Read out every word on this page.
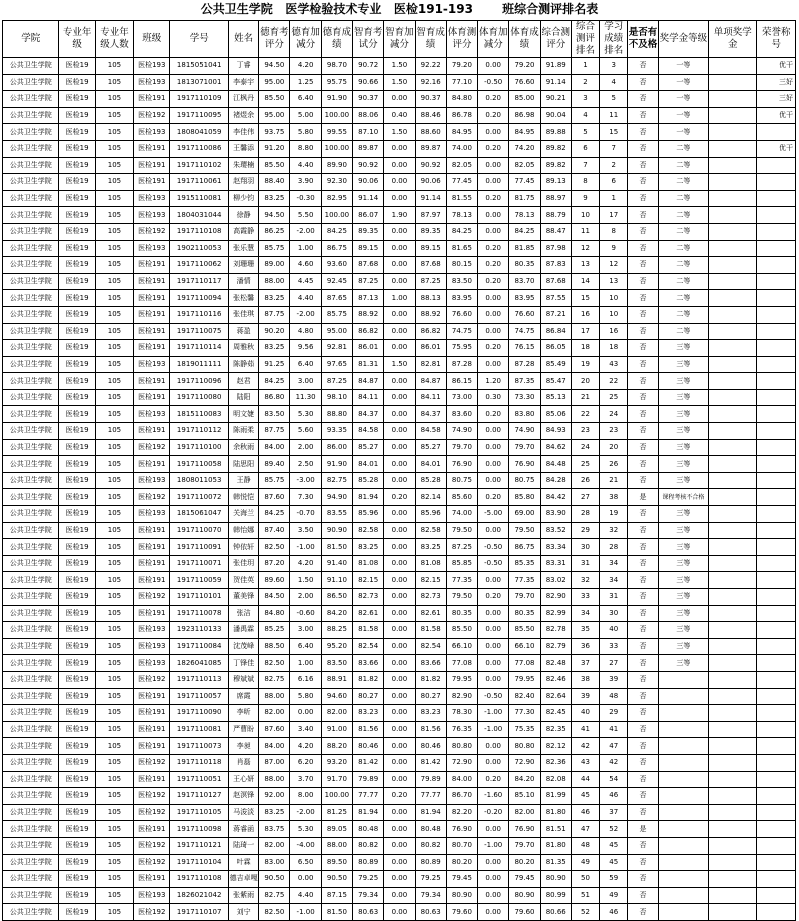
公共卫生学院   医学检验技术专业   医检191-193       班综合测评排名表
学院	专业年级	专业年级人数	班级	学号	姓名	德育考评分	德育加减分	德育成绩	智育考试分	智育加减分	智育成绩	体育测评分	体育加减分	体育成绩	综合测评分	综合测评排名	学习成绩排名	是否有不及格	奖学金等级	单项奖学金	荣誉称号
公共卫生学院	医检19	105	医检193	1815051041	丁睿	94.50	4.20	98.70	90.72	1.50	92.22	79.20	0.00	79.20	91.89	1	3	否	一等		优干
公共卫生学院	医检19	105	医检193	1813071001	李泰宇	95.00	1.25	95.75	90.66	1.50	92.16	77.10	-0.50	76.60	91.14	2	4	否	一等		三好
公共卫生学院	医检19	105	医检191	1917110109	江枫丹	85.50	6.40	91.90	90.37	0.00	90.37	84.80	0.20	85.00	90.21	3	5	否	一等		三好
公共卫生学院	医检19	105	医检192	1917110095	褚煜余	95.00	5.00	100.00	88.06	0.40	88.46	86.78	0.20	86.98	90.04	4	11	否	一等		优干
公共卫生学院	医检19	105	医检193	1808041059	李佳伟	93.75	5.80	99.55	87.10	1.50	88.60	84.95	0.00	84.95	89.88	5	15	否	一等		
公共卫生学院	医检19	105	医检191	1917110086	王馨添	91.20	8.80	100.00	89.87	0.00	89.87	74.00	0.20	74.20	89.82	6	7	否	二等		优干
公共卫生学院	医检19	105	医检191	1917110102	朱璎楠	85.50	4.40	89.90	90.92	0.00	90.92	82.05	0.00	82.05	89.82	7	2	否	二等		
公共卫生学院	医检19	105	医检191	1917110061	赵翔羽	88.40	3.90	92.30	90.06	0.00	90.06	77.45	0.00	77.45	89.13	8	6	否	二等		
公共卫生学院	医检19	105	医检193	1915110081	柳少钧	83.25	-0.30	82.95	91.14	0.00	91.14	81.55	0.20	81.75	88.97	9	1	否	二等		
公共卫生学院	医检19	105	医检193	1804031044	徐静	94.50	5.50	100.00	86.07	1.90	87.97	78.13	0.00	78.13	88.79	10	17	否	二等		
公共卫生学院	医检19	105	医检192	1917110108	高霞静	86.25	-2.00	84.25	89.35	0.00	89.35	84.25	0.00	84.25	88.47	11	8	否	二等		
公共卫生学院	医检19	105	医检193	1902110053	张乐慧	85.75	1.00	86.75	89.15	0.00	89.15	81.65	0.20	81.85	87.98	12	9	否	二等		
公共卫生学院	医检19	105	医检191	1917110062	刘珊珊	89.00	4.60	93.60	87.68	0.00	87.68	80.15	0.20	80.35	87.83	13	12	否	二等		
公共卫生学院	医检19	105	医检191	1917110117	潘情	88.00	4.45	92.45	87.25	0.00	87.25	83.50	0.20	83.70	87.68	14	13	否	二等		
公共卫生学院	医检19	105	医检191	1917110094	张松馨	83.25	4.40	87.65	87.13	1.00	88.13	83.95	0.00	83.95	87.55	15	10	否	二等		
公共卫生学院	医检19	105	医检191	1917110116	张佳琪	87.75	-2.00	85.75	88.92	0.00	88.92	76.60	0.00	76.60	87.21	16	10	否	二等		
公共卫生学院	医检19	105	医检191	1917110075	蒋盈	90.20	4.80	95.00	86.82	0.00	86.82	74.75	0.00	74.75	86.84	17	16	否	二等		
公共卫生学院	医检19	105	医检191	1917110114	周雅秋	83.25	9.56	92.81	86.01	0.00	86.01	75.95	0.20	76.15	86.05	18	18	否	三等		
公共卫生学院	医检19	105	医检193	1819011111	陈静茹	91.25	6.40	97.65	81.31	1.50	82.81	87.28	0.00	87.28	85.49	19	43	否	三等		
公共卫生学院	医检19	105	医检191	1917110096	赵君	84.25	3.00	87.25	84.87	0.00	84.87	86.15	1.20	87.35	85.47	20	22	否	三等		
公共卫生学院	医检19	105	医检191	1917110080	陆阳	86.80	11.30	98.10	84.11	0.00	84.11	73.00	0.30	73.30	85.13	21	25	否	三等		
公共卫生学院	医检19	105	医检193	1815110083	明文婕	83.50	5.30	88.80	84.37	0.00	84.37	83.60	0.20	83.80	85.06	22	24	否	三等		
公共卫生学院	医检19	105	医检191	1917110112	陈雨柔	87.75	5.60	93.35	84.58	0.00	84.58	74.90	0.00	74.90	84.93	23	23	否	三等		
公共卫生学院	医检19	105	医检192	1917110100	余秋雨	84.00	2.00	86.00	85.27	0.00	85.27	79.70	0.00	79.70	84.62	24	20	否	三等		
公共卫生学院	医检19	105	医检191	1917110058	陆思阳	89.40	2.50	91.90	84.01	0.00	84.01	76.90	0.00	76.90	84.48	25	26	否	三等		
公共卫生学院	医检19	105	医检193	1808011053	王静	85.75	-3.00	82.75	85.28	0.00	85.28	80.75	0.00	80.75	84.28	26	21	否	三等		
公共卫生学院	医检19	105	医检192	1917110072	韩悦恺	87.60	7.30	94.90	81.94	0.20	82.14	85.60	0.20	85.80	84.42	27	38	是	课程考核不合格		
公共卫生学院	医检19	105	医检193	1815061047	关海兰	84.25	-0.70	83.55	85.96	0.00	85.96	74.00	-5.00	69.00	83.90	28	19	否	三等		
公共卫生学院	医检19	105	医检191	1917110070	韩怡娜	87.40	3.50	90.90	82.58	0.00	82.58	79.50	0.00	79.50	83.52	29	32	否	三等		
公共卫生学院	医检19	105	医检191	1917110091	钟依轩	82.50	-1.00	81.50	83.25	0.00	83.25	87.25	-0.50	86.75	83.34	30	28	否	三等		
公共卫生学院	医检19	105	医检191	1917110071	张佳玥	87.20	4.20	91.40	81.08	0.00	81.08	85.85	-0.50	85.35	83.31	31	34	否	三等		
公共卫生学院	医检19	105	医检191	1917110059	贺佳英	89.60	1.50	91.10	82.15	0.00	82.15	77.35	0.00	77.35	83.02	32	34	否	三等		
公共卫生学院	医检19	105	医检192	1917110101	董美锋	84.50	2.00	86.50	82.73	0.00	82.73	79.50	0.20	79.70	82.90	33	31	否	三等		
公共卫生学院	医检19	105	医检191	1917110078	张洁	84.80	-0.60	84.20	82.61	0.00	82.61	80.35	0.00	80.35	82.99	34	30	否	三等		
公共卫生学院	医检19	105	医检193	1923110133	潘禹霖	85.25	3.00	88.25	81.58	0.00	81.58	85.50	0.00	85.50	82.78	35	40	否	三等		
公共卫生学院	医检19	105	医检193	1917110084	沈茂峰	88.50	6.40	95.20	82.54	0.00	82.54	66.10	0.00	66.10	82.79	36	33	否	三等		
公共卫生学院	医检19	105	医检193	1826041085	丁锋佳	82.50	1.00	83.50	83.66	0.00	83.66	77.08	0.00	77.08	82.48	37	27	否	三等		
公共卫生学院	医检19	105	医检192	1917110113	穆斌斌	82.75	6.16	88.91	81.82	0.00	81.82	79.95	0.00	79.95	82.46	38	39	否			
公共卫生学院	医检19	105	医检191	1917110057	席霞	88.00	5.80	94.60	80.27	0.00	80.27	82.90	-0.50	82.40	82.64	39	48	否			
公共卫生学院	医检19	105	医检191	1917110090	李昕	82.00	0.00	82.00	83.23	0.00	83.23	78.30	-1.00	77.30	82.45	40	29	否			
公共卫生学院	医检19	105	医检191	1917110081	严曹盼	87.60	3.40	91.00	81.56	0.00	81.56	76.35	-1.00	75.35	82.35	41	41	否			
公共卫生学院	医检19	105	医检191	1917110073	李昶	84.00	4.20	88.20	80.46	0.00	80.46	80.80	0.00	80.80	82.12	42	47	否			
公共卫生学院	医检19	105	医检192	1917110118	肖磊	87.00	6.20	93.20	81.42	0.00	81.42	72.90	0.00	72.90	82.36	43	42	否			
公共卫生学院	医检19	105	医检191	1917110051	王心妍	88.00	3.70	91.70	79.89	0.00	79.89	84.00	0.20	84.20	82.08	44	54	否			
公共卫生学院	医检19	105	医检192	1917110127	赵溟锋	92.00	8.00	100.00	77.77	0.20	77.77	86.70	-1.60	85.10	81.99	45	46	否			
公共卫生学院	医检19	105	医检192	1917110105	马浚淡	83.25	-2.00	81.25	81.94	0.00	81.94	82.20	-0.20	82.00	81.80	46	37	否			
公共卫生学院	医检19	105	医检191	1917110098	蒋睿函	83.75	5.30	89.05	80.48	0.00	80.48	76.90	0.00	76.90	81.51	47	52	是			
公共卫生学院	医检19	105	医检192	1917110121	陆琦一	82.00	-4.00	88.00	80.82	0.00	80.82	80.70	-1.00	79.70	81.80	48	45	否			
公共卫生学院	医检19	105	医检192	1917110104	叶霖	83.00	6.50	89.50	80.89	0.00	80.89	80.20	0.00	80.20	81.35	49	45	否			
公共卫生学院	医检19	105	医检191	1917110108	德吉卓嘎	90.50	0.00	90.50	79.25	0.00	79.25	79.45	0.00	79.45	80.90	50	59	否			
公共卫生学院	医检19	105	医检193	1826021042	张紫雨	82.75	4.40	87.15	79.34	0.00	79.34	80.90	0.00	80.90	80.99	51	49	否			
公共卫生学院	医检19	105	医检192	1917110107	刘宁	82.50	-1.00	81.50	80.63	0.00	80.63	79.60	0.00	79.60	80.66	52	46	否			
